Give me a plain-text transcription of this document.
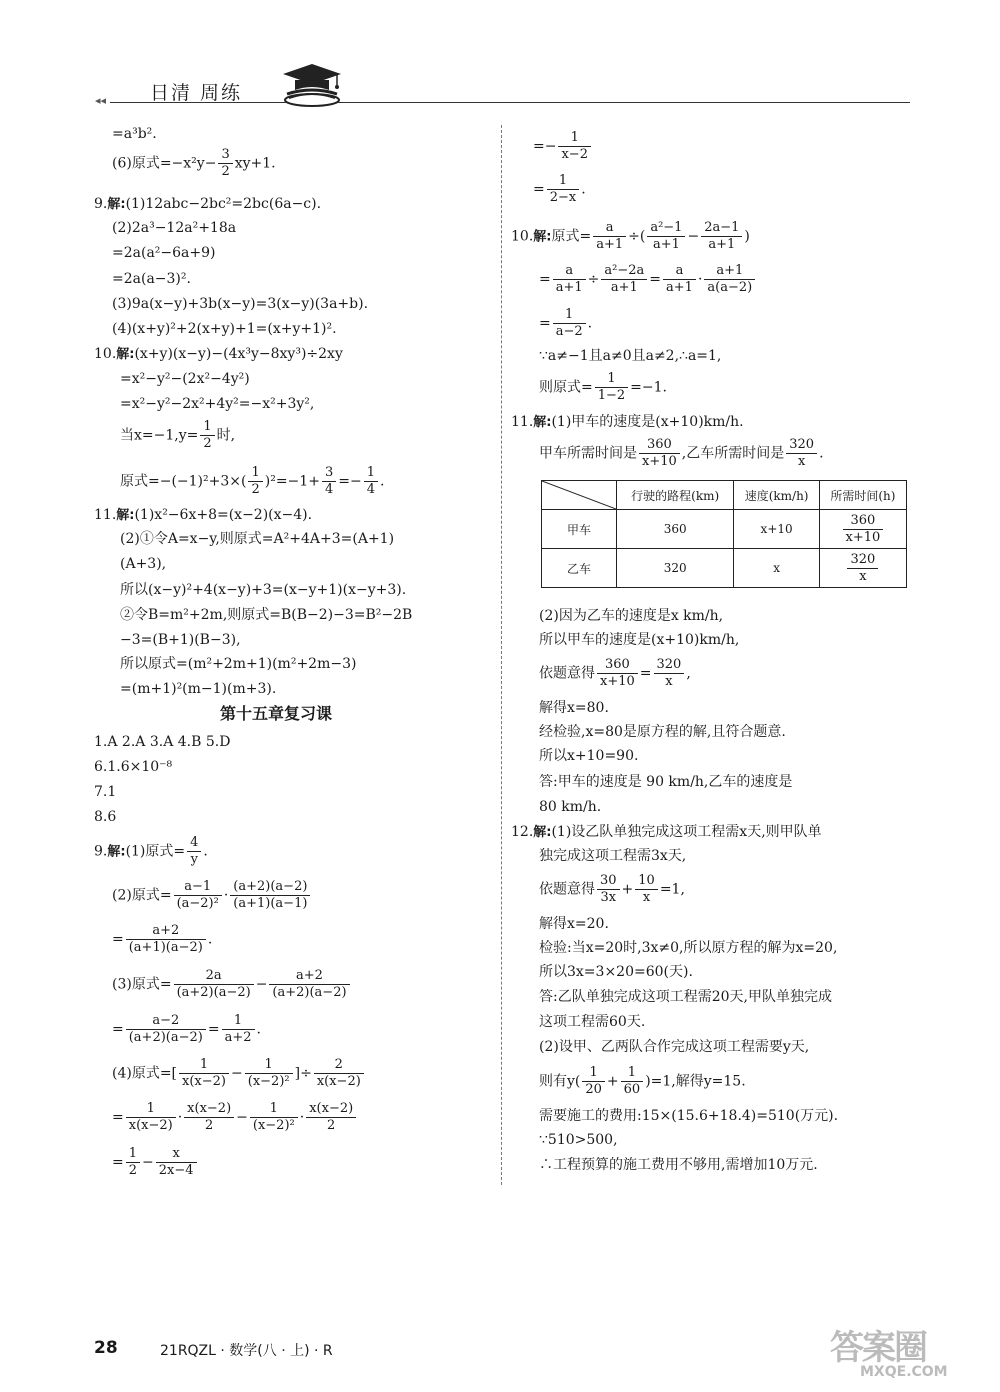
◂◂ 日清 周练
=a³b².
(6)原式$=-x^2y- \frac{3}{2} xy+1$.
9.解:(1)12abc−2bc²=2bc(6a−c).
(2)2a³−12a²+18a
=2a(a²−6a+9)
=2a(a−3)².
(3)9a(x−y)+3b(x−y)=3(x−y)(3a+b).
(4)(x+y)²+2(x+y)+1=(x+y+1)².
10.解:(x+y)(x−y)−(4x³y−8xy³)÷2xy
=x²−y²−(2x²−4y²)
=x²−y²−2x²+4y²=−x²+3y²,
当$x=-1,y= \frac{1}{2}$ 时,
原式$=-(-1)^2+3\times( \frac{1}{2} )^2=-1+ \frac{3}{4} =- \frac{1}{4}$ .
11.解:(1)x²−6x+8=(x−2)(x−4).
(2)①令A=x−y,则原式=A²+4A+3=(A+1)
(A+3),
所以(x−y)²+4(x−y)+3=(x−y+1)(x−y+3).
②令B=m²+2m,则原式=B(B−2)−3=B²−2B
−3=(B+1)(B−3),
所以原式=(m²+2m+1)(m²+2m−3)
=(m+1)²(m−1)(m+3).
第十五章复习课
1.A 2.A 3.A 4.B 5.D
6.1.6×10⁻⁸
7.1
8.6
9.解:(1)原式= $\frac{4}{y}$ .
(2)原式= $\frac{a-1}{\text{(a−2)²}} \cdot \frac{(a+2)(a-2)}{(a+1)(a-1)}$
= $\frac{a+2}{(a+1)(a-2)}$ .
(3)原式= $\frac{2a}{(a+2)(a-2)} - \frac{a+2}{(a+2)(a-2)}$
= $\frac{a-2}{(a+2)(a-2)} = \frac{1}{a+2}$ .
(4)原式=[ $\frac{1}{x(x-2)} - \frac{1}{\text{(x−2)²}}$ ]÷ $\frac{2}{x(x-2)}$
= $\frac{1}{x(x-2)} \cdot \frac{x(x-2)}{2} - \frac{1}{\text{(x−2)²}} \cdot \frac{x(x-2)}{2}$
= $\frac{1}{2} - \frac{x}{2x-4}$
=− $\frac{1}{x-2}$
= $\frac{1}{2-x}$ .
10.解:原式= $\frac{a}{a+1}$ ÷( $\frac{\text{a²−1}}{a+1} - \frac{2a-1}{a+1}$ )
= $\frac{a}{a+1} \div \frac{\text{a²−2a}}{a+1} = \frac{a}{a+1} \cdot \frac{a+1}{a(a-2)}$
= $\frac{1}{a-2}$ .
∵a≠−1且a≠0且a≠2,∴a=1,
则原式= $\frac{1}{1-2} =-1$.
11.解:(1)甲车的速度是(x+10)km/h.
甲车所需时间是 $\frac{360}{x+10}$ ,乙车所需时间是 $\frac{320}{x}$ .
	行驶的路程(km)	速度(km/h)	所需时间(h)
甲车	360	x+10	$\frac{360}{x+10}$

乙车	320	x	$\frac{320}{x}$
(2)因为乙车的速度是x km/h,
所以甲车的速度是(x+10)km/h,
依题意得 $\frac{360}{x+10} = \frac{320}{x}$ ,
解得x=80.
经检验,x=80是原方程的解,且符合题意.
所以x+10=90.
答:甲车的速度是 90 km/h,乙车的速度是
80 km/h.
12.解:(1)设乙队单独完成这项工程需x天,则甲队单
独完成这项工程需3x天,
依题意得 $\frac{30}{3x} + \frac{10}{x} =1$,
解得x=20.
检验:当x=20时,3x≠0,所以原方程的解为x=20,
所以3x=3×20=60(天).
答:乙队单独完成这项工程需20天,甲队单独完成
这项工程需60天.
(2)设甲、乙两队合作完成这项工程需要y天,
则有$y( \frac{1}{20} + \frac{1}{60} )=1$,解得y=15.
需要施工的费用:15×(15.6+18.4)=510(万元).
∵510>500,
∴工程预算的施工费用不够用,需增加10万元.
28	21RQZL · 数学(八 · 上) · R	答案圈
MXQE.COM
